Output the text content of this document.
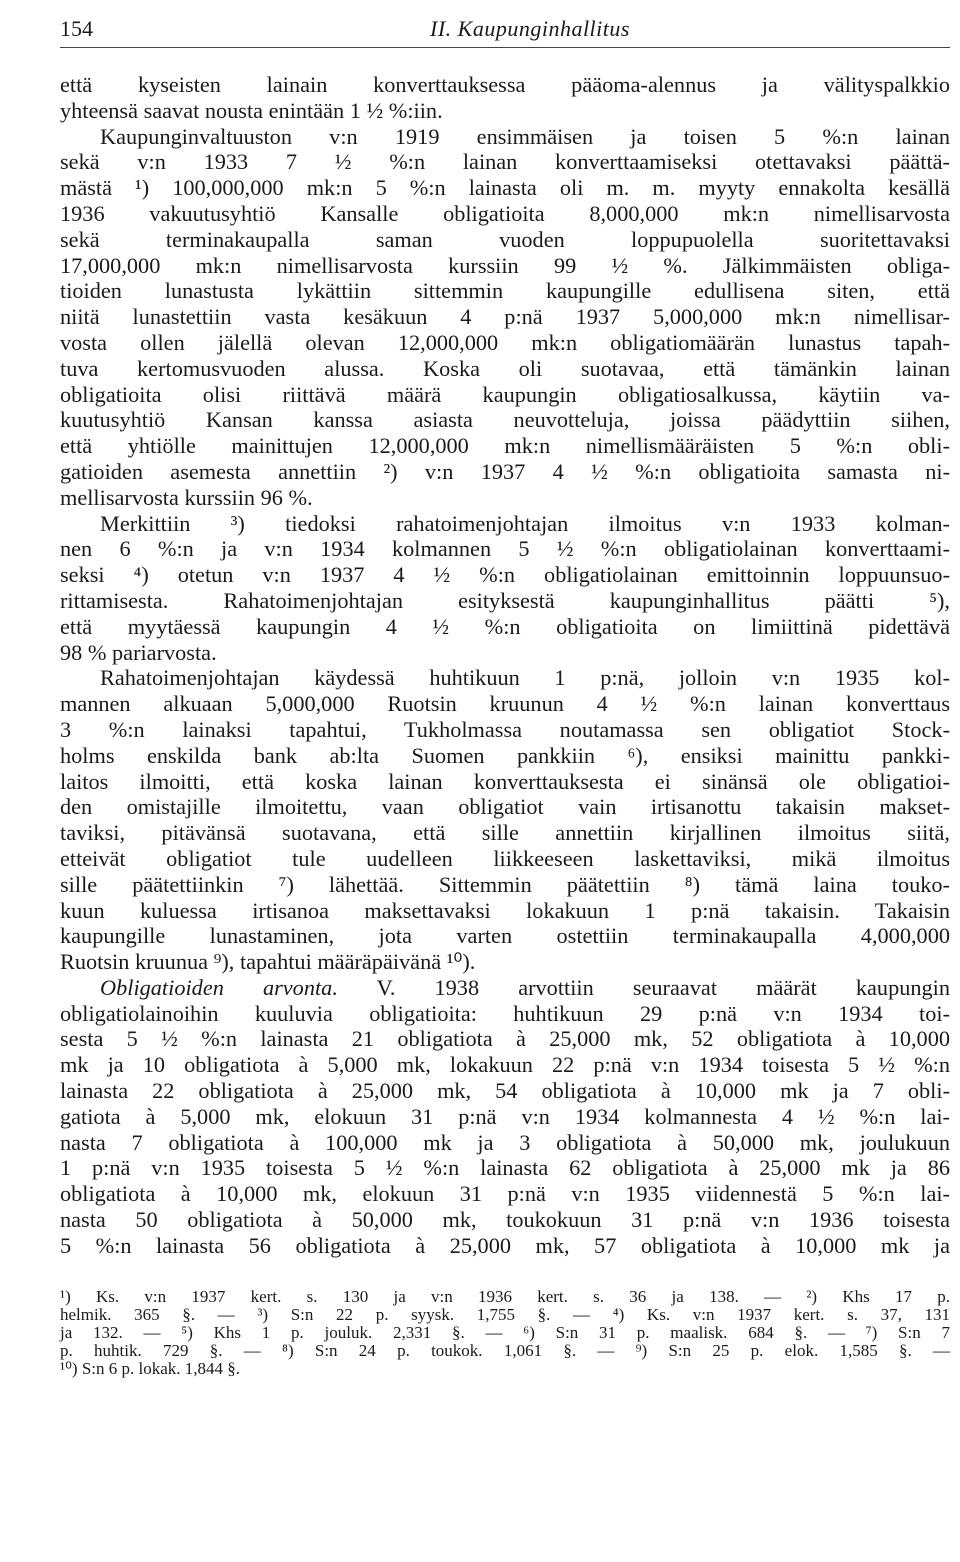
154	II. Kaupunginhallitus
että kyseisten lainain konverttauksessa pääoma-alennus ja välityspalkkio
yhteensä saavat nousta enintään 1 ½ %:iin.
Kaupunginvaltuuston v:n 1919 ensimmäisen ja toisen 5 %:n lainan
sekä v:n 1933 7 ½ %:n lainan konverttaamiseksi otettavaksi päättä-
mästä ¹) 100,000,000 mk:n 5 %:n lainasta oli m. m. myyty ennakolta kesällä
1936 vakuutusyhtiö Kansalle obligatioita 8,000,000 mk:n nimellisarvosta
sekä terminakaupalla saman vuoden loppupuolella suoritettavaksi
17,000,000 mk:n nimellisarvosta kurssiin 99 ½ %. Jälkimmäisten obliga-
tioiden lunastusta lykättiin sittemmin kaupungille edullisena siten, että
niitä lunastettiin vasta kesäkuun 4 p:nä 1937 5,000,000 mk:n nimellisar-
vosta ollen jälellä olevan 12,000,000 mk:n obligatiomäärän lunastus tapah-
tuva kertomusvuoden alussa. Koska oli suotavaa, että tämänkin lainan
obligatioita olisi riittävä määrä kaupungin obligatiosalkussa, käytiin va-
kuutusyhtiö Kansan kanssa asiasta neuvotteluja, joissa päädyttiin siihen,
että yhtiölle mainittujen 12,000,000 mk:n nimellismääräisten 5 %:n obli-
gatioiden asemesta annettiin ²) v:n 1937 4 ½ %:n obligatioita samasta ni-
mellisarvosta kurssiin 96 %.
Merkittiin ³) tiedoksi rahatoimenjohtajan ilmoitus v:n 1933 kolman-
nen 6 %:n ja v:n 1934 kolmannen 5 ½ %:n obligatiolainan konverttaami-
seksi ⁴) otetun v:n 1937 4 ½ %:n obligatiolainan emittoinnin loppuunsuo-
rittamisesta. Rahatoimenjohtajan esityksestä kaupunginhallitus päätti ⁵),
että myytäessä kaupungin 4 ½ %:n obligatioita on limiittinä pidettävä
98 % pariarvosta.
Rahatoimenjohtajan käydessä huhtikuun 1 p:nä, jolloin v:n 1935 kol-
mannen alkuaan 5,000,000 Ruotsin kruunun 4 ½ %:n lainan konverttaus
3 %:n lainaksi tapahtui, Tukholmassa noutamassa sen obligatiot Stock-
holms enskilda bank ab:lta Suomen pankkiin ⁶), ensiksi mainittu pankki-
laitos ilmoitti, että koska lainan konverttauksesta ei sinänsä ole obligatioi-
den omistajille ilmoitettu, vaan obligatiot vain irtisanottu takaisin makset-
taviksi, pitävänsä suotavana, että sille annettiin kirjallinen ilmoitus siitä,
etteivät obligatiot tule uudelleen liikkeeseen laskettaviksi, mikä ilmoitus
sille päätettiinkin ⁷) lähettää. Sittemmin päätettiin ⁸) tämä laina touko-
kuun kuluessa irtisanoa maksettavaksi lokakuun 1 p:nä takaisin. Takaisin
kaupungille lunastaminen, jota varten ostettiin terminakaupalla 4,000,000
Ruotsin kruunua ⁹), tapahtui määräpäivänä ¹⁰).
Obligatioiden arvonta. V. 1938 arvottiin seuraavat määrät kaupungin
obligatiolainoihin kuuluvia obligatioita: huhtikuun 29 p:nä v:n 1934 toi-
sesta 5 ½ %:n lainasta 21 obligatiota à 25,000 mk, 52 obligatiota à 10,000
mk ja 10 obligatiota à 5,000 mk, lokakuun 22 p:nä v:n 1934 toisesta 5 ½ %:n
lainasta 22 obligatiota à 25,000 mk, 54 obligatiota à 10,000 mk ja 7 obli-
gatiota à 5,000 mk, elokuun 31 p:nä v:n 1934 kolmannesta 4 ½ %:n lai-
nasta 7 obligatiota à 100,000 mk ja 3 obligatiota à 50,000 mk, joulukuun
1 p:nä v:n 1935 toisesta 5 ½ %:n lainasta 62 obligatiota à 25,000 mk ja 86
obligatiota à 10,000 mk, elokuun 31 p:nä v:n 1935 viidennestä 5 %:n lai-
nasta 50 obligatiota à 50,000 mk, toukokuun 31 p:nä v:n 1936 toisesta
5 %:n lainasta 56 obligatiota à 25,000 mk, 57 obligatiota à 10,000 mk ja
¹) Ks. v:n 1937 kert. s. 130 ja v:n 1936 kert. s. 36 ja 138. — ²) Khs 17 p.
helmik. 365 §. — ³) S:n 22 p. syysk. 1,755 §. — ⁴) Ks. v:n 1937 kert. s. 37, 131
ja 132. — ⁵) Khs 1 p. jouluk. 2,331 §. — ⁶) S:n 31 p. maalisk. 684 §. — ⁷) S:n 7
p. huhtik. 729 §. — ⁸) S:n 24 p. toukok. 1,061 §. — ⁹) S:n 25 p. elok. 1,585 §. —
¹⁰) S:n 6 p. lokak. 1,844 §.
